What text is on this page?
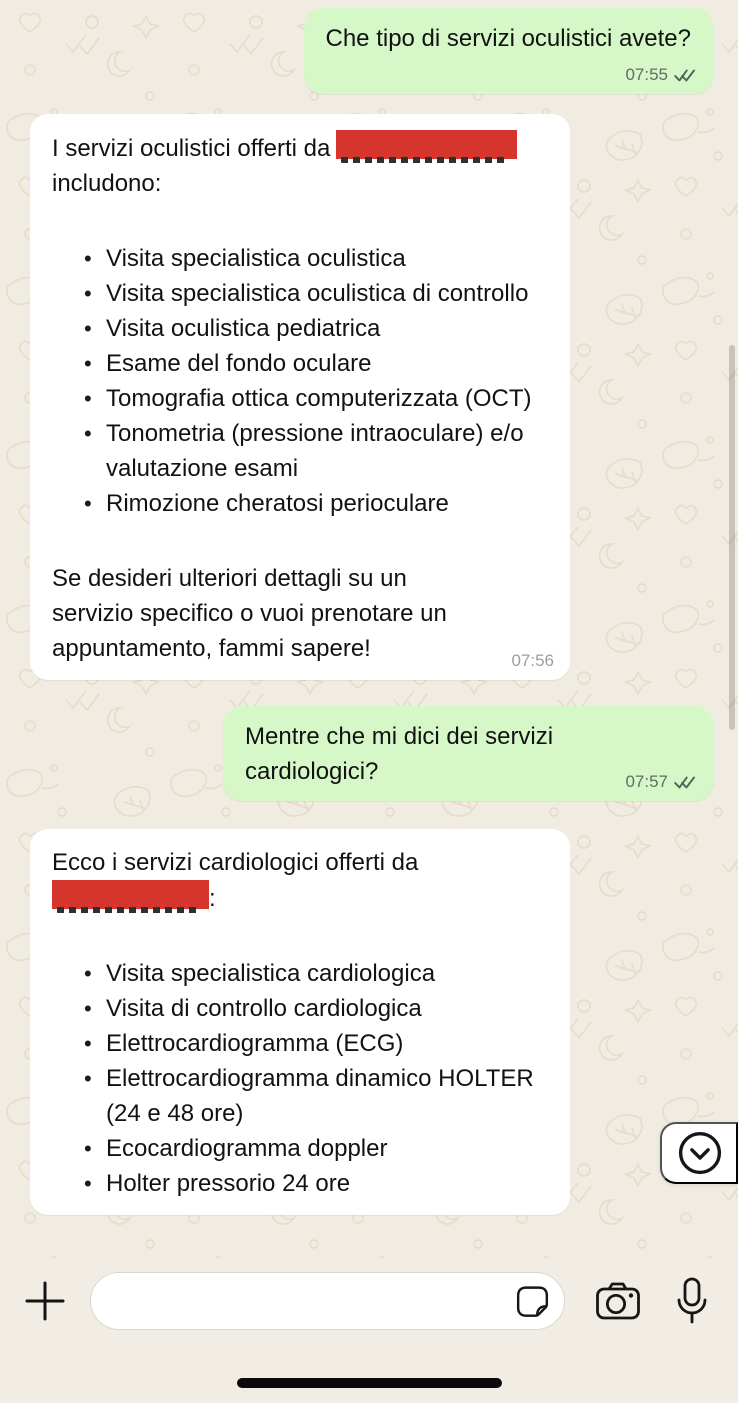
Che tipo di servizi oculistici avete?
07:55

I servizi oculistici offerti da

includono:

• Visita specialistica oculistica
• Visita specialistica oculistica di controllo
• Visita oculistica pediatrica
• Esame del fondo oculare
• Tomografia ottica computerizzata (OCT)
• Tonometria (pressione intraoculare) e/o valutazione esami
• Rimozione cheratosi perioculare

Se desideri ulteriori dettagli su un servizio specifico o vuoi prenotare un appuntamento, fammi sapere!	07:56
Mentre che mi dici dei servizi cardiologici?	07:57

Ecco i servizi cardiologici offerti da

:

• Visita specialistica cardiologica
• Visita di controllo cardiologica
• Elettrocardiogramma (ECG)
• Elettrocardiogramma dinamico HOLTER (24 e 48 ore)
• Ecocardiogramma doppler
• Holter pressorio 24 ore
